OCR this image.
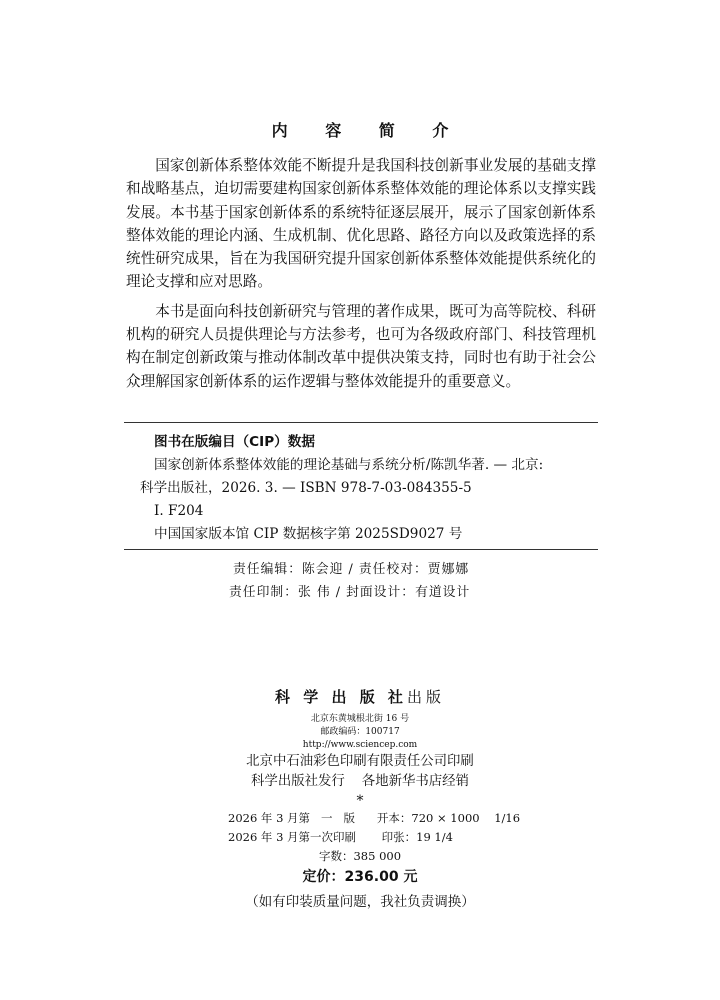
内 容 简 介

国家创新体系整体效能不断提升是我国科技创新事业发展的基础支撑和战略基点，迫切需要建构国家创新体系整体效能的理论体系以支撑实践发展。本书基于国家创新体系的系统特征逐层展开，展示了国家创新体系整体效能的理论内涵、生成机制、优化思路、路径方向以及政策选择的系统性研究成果，旨在为我国研究提升国家创新体系整体效能提供系统化的理论支撑和应对思路。

本书是面向科技创新研究与管理的著作成果，既可为高等院校、科研机构的研究人员提供理论与方法参考，也可为各级政府部门、科技管理机构在制定创新政策与推动体制改革中提供决策支持，同时也有助于社会公众理解国家创新体系的运作逻辑与整体效能提升的重要意义。

图书在版编目（CIP）数据
国家创新体系整体效能的理论基础与系统分析/陈凯华著. — 北京:
科学出版社，2026. 3. — ISBN 978-7-03-084355-5
Ⅰ. F204
中国国家版本馆 CIP 数据核字第 2025SD9027 号
责任编辑：陈会迎 / 责任校对：贾娜娜
责任印制：张 伟 / 封面设计：有道设计
科 学 出 版 社出版
北京东黄城根北街 16 号
邮政编码：100717
http://www.sciencep.com
北京中石油彩色印刷有限责任公司印刷
科学出版社发行    各地新华书店经销
*
2026 年 3 月第   一   版      开本：720 × 1000    1/16
2026 年 3 月第一次印刷       印张：19 1/4
字数：385 000
定价：236.00 元
（如有印装质量问题，我社负责调换）
